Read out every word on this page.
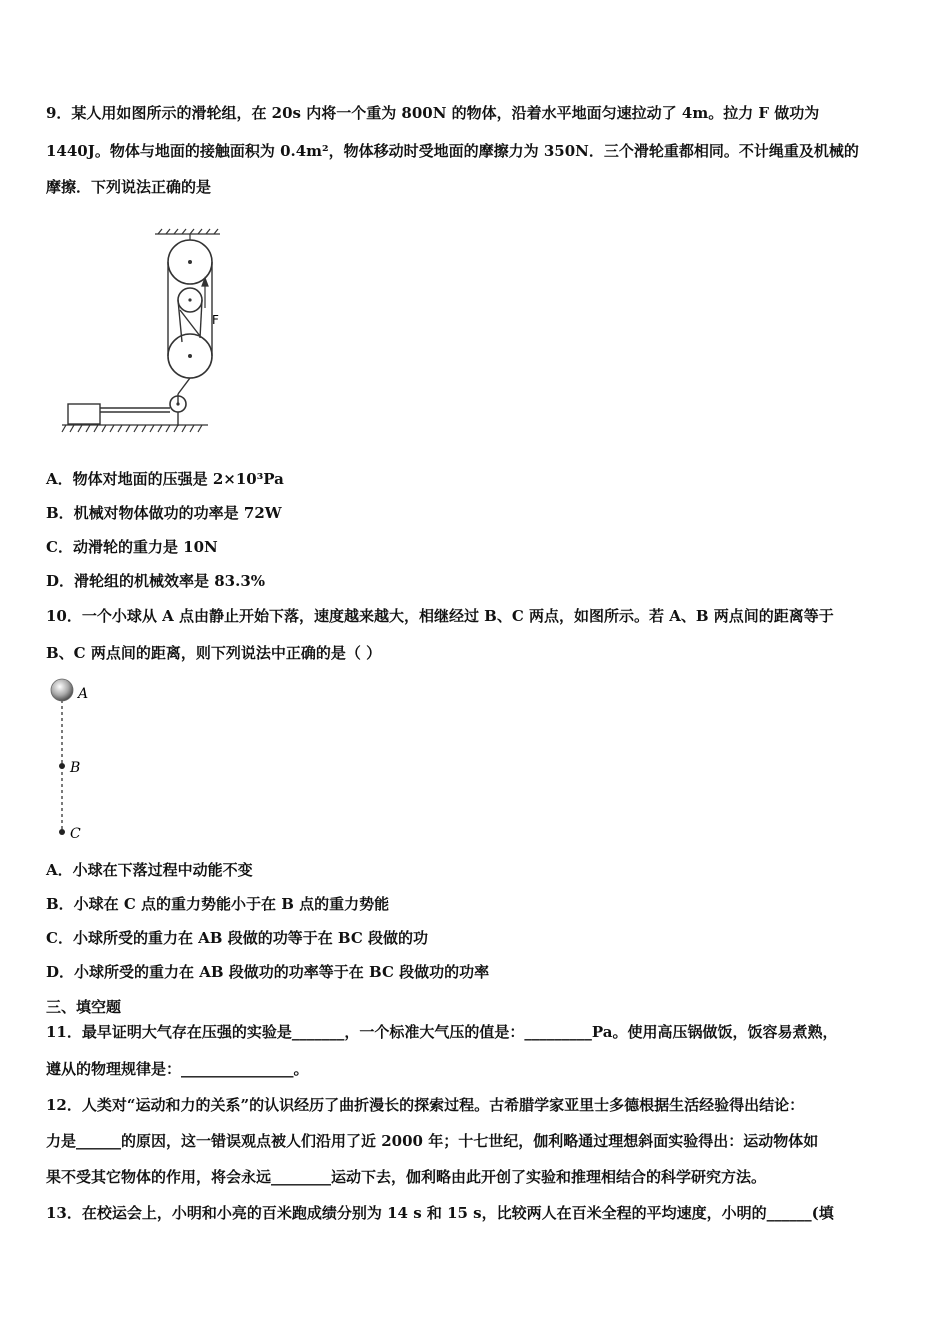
9．某人用如图所示的滑轮组，在 20s 内将一个重为 800N 的物体，沿着水平地面匀速拉动了 4m。拉力 F 做功为

1440J。物体与地面的接触面积为 0.4m²，物体移动时受地面的摩擦力为 350N．三个滑轮重都相同。不计绳重及机械的

摩擦．下列说法正确的是

F

A．物体对地面的压强是 2×10³Pa

B．机械对物体做功的功率是 72W

C．动滑轮的重力是 10N

D．滑轮组的机械效率是 83.3%

10．一个小球从 A 点由静止开始下落，速度越来越大，相继经过 B、C 两点，如图所示。若 A、B 两点间的距离等于

B、C 两点间的距离，则下列说法中正确的是（ ）

A
B
C

A．小球在下落过程中动能不变

B．小球在 C 点的重力势能小于在 B 点的重力势能

C．小球所受的重力在 AB 段做的功等于在 BC 段做的功

D．小球所受的重力在 AB 段做功的功率等于在 BC 段做功的功率

三、填空题

11．最早证明大气存在压强的实验是_______，一个标准大气压的值是：_________Pa。使用高压锅做饭，饭容易煮熟，

遵从的物理规律是：_______________。

12．人类对“运动和力的关系”的认识经历了曲折漫长的探索过程。古希腊学家亚里士多德根据生活经验得出结论：

力是______的原因，这一错误观点被人们沿用了近 2000 年；十七世纪，伽利略通过理想斜面实验得出：运动物体如

果不受其它物体的作用，将会永远________运动下去，伽利略由此开创了实验和推理相结合的科学研究方法。

13．在校运会上，小明和小亮的百米跑成绩分别为 14 s 和 15 s，比较两人在百米全程的平均速度，小明的______(填
